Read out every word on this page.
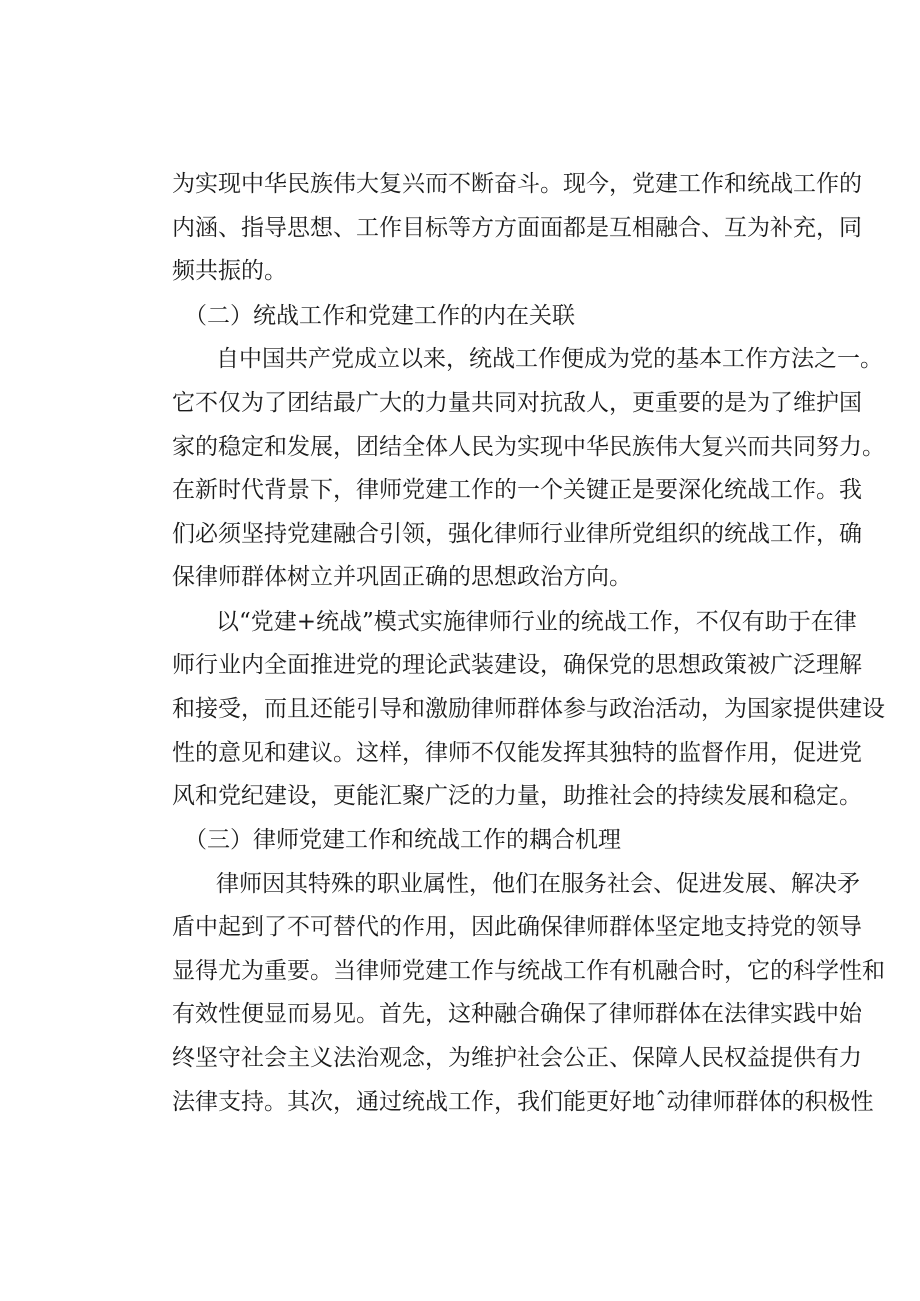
为实现中华民族伟大复兴而不断奋斗。现今，党建工作和统战工作的
内涵、指导思想、工作目标等方方面面都是互相融合、互为补充，同
频共振的。
（二）统战工作和党建工作的内在关联
自中国共产党成立以来，统战工作便成为党的基本工作方法之一。
它不仅为了团结最广大的力量共同对抗敌人，更重要的是为了维护国
家的稳定和发展，团结全体人民为实现中华民族伟大复兴而共同努力。
在新时代背景下，律师党建工作的一个关键正是要深化统战工作。我
们必须坚持党建融合引领，强化律师行业律所党组织的统战工作，确
保律师群体树立并巩固正确的思想政治方向。
以“党建+统战”模式实施律师行业的统战工作，不仅有助于在律
师行业内全面推进党的理论武装建设，确保党的思想政策被广泛理解
和接受，而且还能引导和激励律师群体参与政治活动，为国家提供建设
性的意见和建议。这样，律师不仅能发挥其独特的监督作用，促进党
风和党纪建设，更能汇聚广泛的力量，助推社会的持续发展和稳定。
（三）律师党建工作和统战工作的耦合机理
律师因其特殊的职业属性，他们在服务社会、促进发展、解决矛
盾中起到了不可替代的作用，因此确保律师群体坚定地支持党的领导
显得尤为重要。当律师党建工作与统战工作有机融合时，它的科学性和
有效性便显而易见。首先，这种融合确保了律师群体在法律实践中始
终坚守社会主义法治观念，为维护社会公正、保障人民权益提供有力
法律支持。其次，通过统战工作，我们能更好地ˆ动律师群体的积极性
